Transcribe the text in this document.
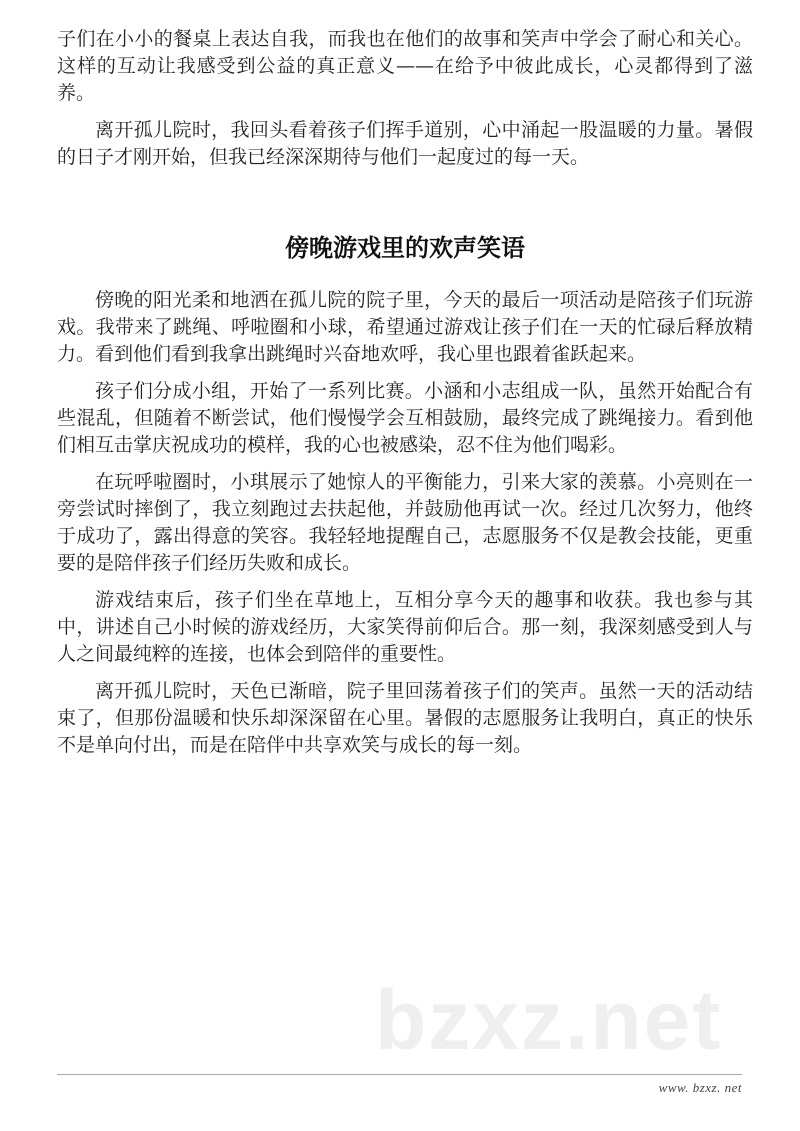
子们在小小的餐桌上表达自我，而我也在他们的故事和笑声中学会了耐心和关心。这样的互动让我感受到公益的真正意义——在给予中彼此成长，心灵都得到了滋养。

离开孤儿院时，我回头看着孩子们挥手道别，心中涌起一股温暖的力量。暑假的日子才刚开始，但我已经深深期待与他们一起度过的每一天。

傍晚游戏里的欢声笑语

傍晚的阳光柔和地洒在孤儿院的院子里，今天的最后一项活动是陪孩子们玩游戏。我带来了跳绳、呼啦圈和小球，希望通过游戏让孩子们在一天的忙碌后释放精力。看到他们看到我拿出跳绳时兴奋地欢呼，我心里也跟着雀跃起来。

孩子们分成小组，开始了一系列比赛。小涵和小志组成一队，虽然开始配合有些混乱，但随着不断尝试，他们慢慢学会互相鼓励，最终完成了跳绳接力。看到他们相互击掌庆祝成功的模样，我的心也被感染，忍不住为他们喝彩。

在玩呼啦圈时，小琪展示了她惊人的平衡能力，引来大家的羡慕。小亮则在一旁尝试时摔倒了，我立刻跑过去扶起他，并鼓励他再试一次。经过几次努力，他终于成功了，露出得意的笑容。我轻轻地提醒自己，志愿服务不仅是教会技能，更重要的是陪伴孩子们经历失败和成长。

游戏结束后，孩子们坐在草地上，互相分享今天的趣事和收获。我也参与其中，讲述自己小时候的游戏经历，大家笑得前仰后合。那一刻，我深刻感受到人与人之间最纯粹的连接，也体会到陪伴的重要性。

离开孤儿院时，天色已渐暗，院子里回荡着孩子们的笑声。虽然一天的活动结束了，但那份温暖和快乐却深深留在心里。暑假的志愿服务让我明白，真正的快乐不是单向付出，而是在陪伴中共享欢笑与成长的每一刻。

bzxz.net
www. bzxz. net
